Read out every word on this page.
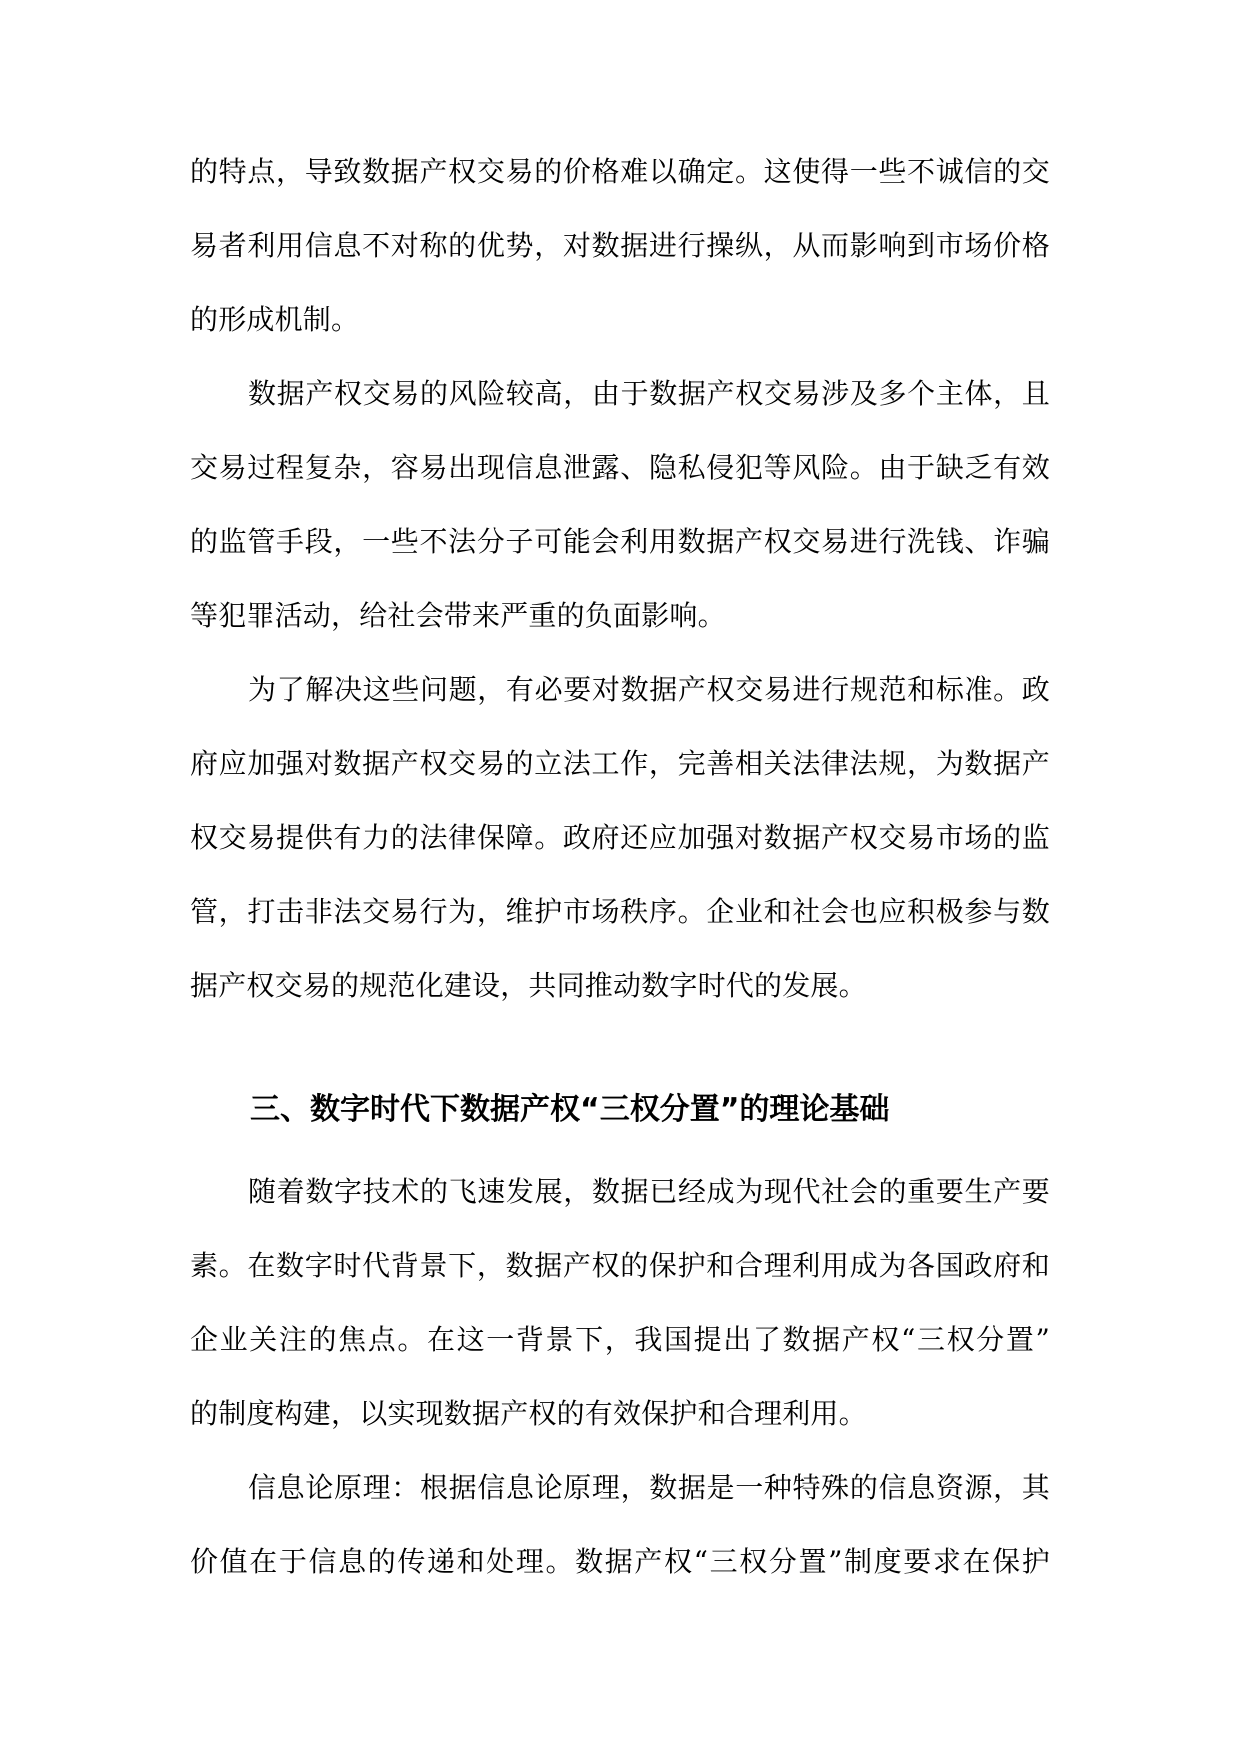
的特点，导致数据产权交易的价格难以确定。这使得一些不诚信的交
易者利用信息不对称的优势，对数据进行操纵，从而影响到市场价格
的形成机制。
数据产权交易的风险较高，由于数据产权交易涉及多个主体，且
交易过程复杂，容易出现信息泄露、隐私侵犯等风险。由于缺乏有效
的监管手段，一些不法分子可能会利用数据产权交易进行洗钱、诈骗
等犯罪活动，给社会带来严重的负面影响。
为了解决这些问题，有必要对数据产权交易进行规范和标准。政
府应加强对数据产权交易的立法工作，完善相关法律法规，为数据产
权交易提供有力的法律保障。政府还应加强对数据产权交易市场的监
管，打击非法交易行为，维护市场秩序。企业和社会也应积极参与数
据产权交易的规范化建设，共同推动数字时代的发展。
三、数字时代下数据产权“三权分置”的理论基础
随着数字技术的飞速发展，数据已经成为现代社会的重要生产要
素。在数字时代背景下，数据产权的保护和合理利用成为各国政府和
企业关注的焦点。在这一背景下，我国提出了数据产权“三权分置”
的制度构建，以实现数据产权的有效保护和合理利用。
信息论原理：根据信息论原理，数据是一种特殊的信息资源，其
价值在于信息的传递和处理。数据产权“三权分置”制度要求在保护
